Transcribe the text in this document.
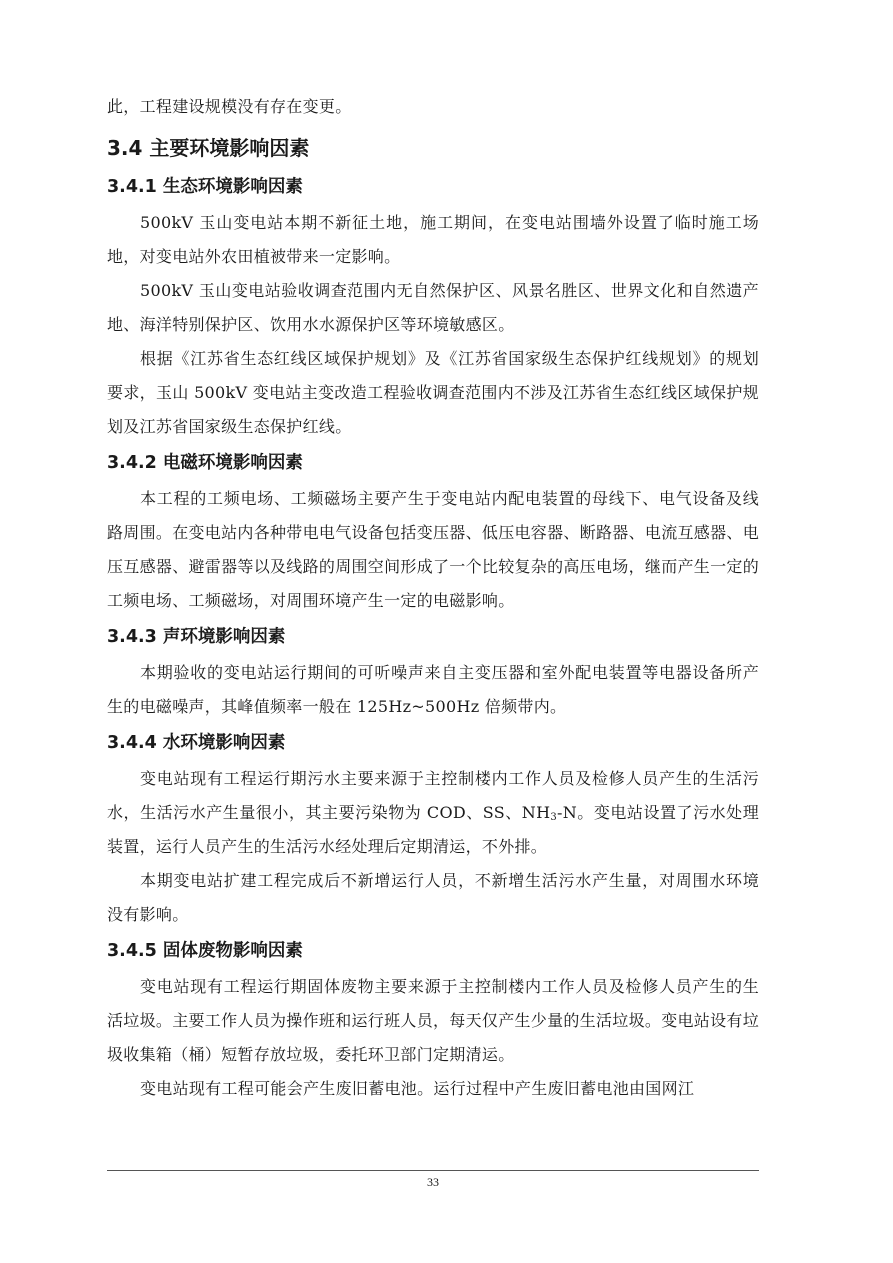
此，工程建设规模没有存在变更。

3.4 主要环境影响因素
3.4.1 生态环境影响因素

500kV 玉山变电站本期不新征土地，施工期间，在变电站围墙外设置了临时施工场地，对变电站外农田植被带来一定影响。

500kV 玉山变电站验收调查范围内无自然保护区、风景名胜区、世界文化和自然遗产地、海洋特别保护区、饮用水水源保护区等环境敏感区。

根据《江苏省生态红线区域保护规划》及《江苏省国家级生态保护红线规划》的规划要求，玉山 500kV 变电站主变改造工程验收调查范围内不涉及江苏省生态红线区域保护规划及江苏省国家级生态保护红线。

3.4.2 电磁环境影响因素

本工程的工频电场、工频磁场主要产生于变电站内配电装置的母线下、电气设备及线路周围。在变电站内各种带电电气设备包括变压器、低压电容器、断路器、电流互感器、电压互感器、避雷器等以及线路的周围空间形成了一个比较复杂的高压电场，继而产生一定的工频电场、工频磁场，对周围环境产生一定的电磁影响。

3.4.3 声环境影响因素

本期验收的变电站运行期间的可听噪声来自主变压器和室外配电装置等电器设备所产生的电磁噪声，其峰值频率一般在 125Hz~500Hz 倍频带内。

3.4.4 水环境影响因素

变电站现有工程运行期污水主要来源于主控制楼内工作人员及检修人员产生的生活污水，生活污水产生量很小，其主要污染物为 COD、SS、$NH_3-N$。变电站设置了污水处理装置，运行人员产生的生活污水经处理后定期清运，不外排。

本期变电站扩建工程完成后不新增运行人员，不新增生活污水产生量，对周围水环境没有影响。

3.4.5 固体废物影响因素

变电站现有工程运行期固体废物主要来源于主控制楼内工作人员及检修人员产生的生活垃圾。主要工作人员为操作班和运行班人员，每天仅产生少量的生活垃圾。变电站设有垃圾收集箱（桶）短暂存放垃圾，委托环卫部门定期清运。

变电站现有工程可能会产生废旧蓄电池。运行过程中产生废旧蓄电池由国网江

33
